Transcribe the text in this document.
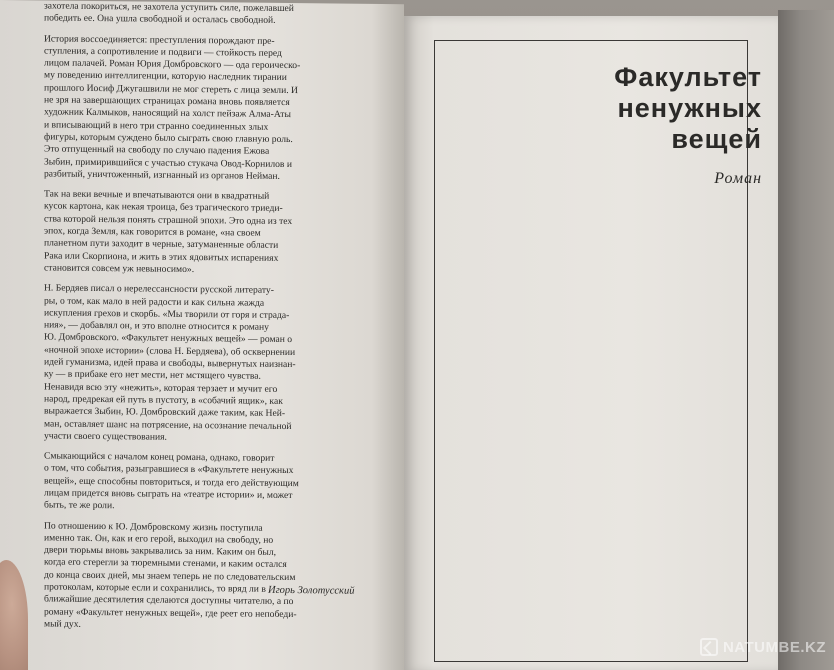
захотела покориться, не захотела уступить силе, пожелавшей
победить ее. Она ушла свободной и осталась свободной.
История воссоединяется: преступления порождают пре-
ступления, а сопротивление и подвиги — стойкость перед
лицом палачей. Роман Юрия Домбровского — ода героическо-
му поведению интеллигенции, которую наследник тирании
прошлого Иосиф Джугашвили не мог стереть с лица земли. И
не зря на завершающих страницах романа вновь появляется
художник Калмыков, наносящий на холст пейзаж Алма-Аты
и вписывающий в него три странно соединенных злых
фигуры, которым суждено было сыграть свою главную роль.
Это отпущенный на свободу по случаю падения Ежова
Зыбин, примирившийся с участью стукача Овод-Корнилов и
разбитый, уничтоженный, изгнанный из органов Нейман.
Так на веки вечные и впечатываются они в квадратный
кусок картона, как некая троица, без трагического триеди-
ства которой нельзя понять страшной эпохи. Это одна из тех
эпох, когда Земля, как говорится в романе, «на своем
планетном пути заходит в черные, затуманенные области
Рака или Скорпиона, и жить в этих ядовитых испарениях
становится совсем уж невыносимо».
Н. Бердяев писал о нерелессансности русской литерату-
ры, о том, как мало в ней радости и как сильна жажда
искупления грехов и скорбь. «Мы творили от горя и страда-
ния», — добавлял он, и это вполне относится к роману
Ю. Домбровского. «Факультет ненужных вещей» — роман о
«ночной эпохе истории» (слова Н. Бердяева), об осквернении
идей гуманизма, идей права и свободы, вывернутых наизнан-
ку — в прибаке его нет мести, нет мстящего чувства.
Ненавидя всю эту «нежить», которая терзает и мучит его
народ, предрекая ей путь в пустоту, в «собачий ящик», как
выражается Зыбин, Ю. Домбровский даже таким, как Ней-
ман, оставляет шанс на потрясение, на осознание печальной
участи своего существования.
Смыкающийся с началом конец романа, однако, говорит
о том, что события, разыгравшиеся в «Факультете ненужных
вещей», еще способны повториться, и тогда его действующим
лицам придется вновь сыграть на «театре истории» и, может
быть, те же роли.
По отношению к Ю. Домбровскому жизнь поступила
именно так. Он, как и его герой, выходил на свободу, но
двери тюрьмы вновь закрывались за ним. Каким он был,
когда его стерегли за тюремными стенами, и каким остался
до конца своих дней, мы знаем теперь не по следовательским
протоколам, которые если и сохранились, то вряд ли в
ближайшие десятилетия сделаются доступны читателю, а по
роману «Факультет ненужных вещей», где реет его непобеди-
мый дух.
Игорь Золотусский
Факультет
ненужных
вещей
Роман
NATUMBE.KZ
